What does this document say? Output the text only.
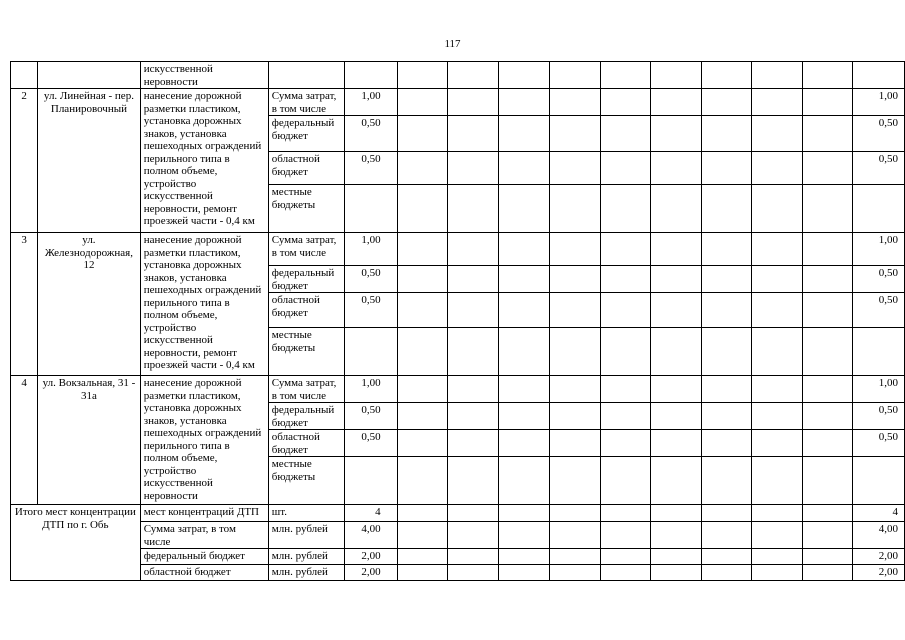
117
		искусственной неровности												
2	ул. Линейная - пер. Планировочный	нанесение дорожной разметки пластиком, установка дорожных знаков, установка пешеходных ограждений перильного типа в полном объеме, устройство искусственной неровности, ремонт проезжей части - 0,4 км	Сумма затрат, в том числе	1,00										1,00
			федеральный бюджет	0,50										0,50
			областной бюджет	0,50										0,50
			местные бюджеты											
3	ул. Железнодорожная, 12	нанесение дорожной разметки пластиком, установка дорожных знаков, установка пешеходных ограждений перильного типа в полном объеме, устройство искусственной неровности, ремонт проезжей части - 0,4 км	Сумма затрат, в том числе	1,00										1,00
			федеральный бюджет	0,50										0,50
			областной бюджет	0,50										0,50
			местные бюджеты											
4	ул. Вокзальная, 31 - 31а	нанесение дорожной разметки пластиком, установка дорожных знаков, установка пешеходных ограждений перильного типа в полном объеме, устройство искусственной неровности	Сумма затрат, в том числе	1,00										1,00
			федеральный бюджет	0,50										0,50
			областной бюджет	0,50										0,50
			местные бюджеты											
Итого мест концентрации ДТП по г. Обь		мест концентраций ДТП	шт.	4										4
		Сумма затрат, в том числе	млн. рублей	4,00										4,00
		федеральный бюджет	млн. рублей	2,00										2,00
		областной бюджет	млн. рублей	2,00										2,00
